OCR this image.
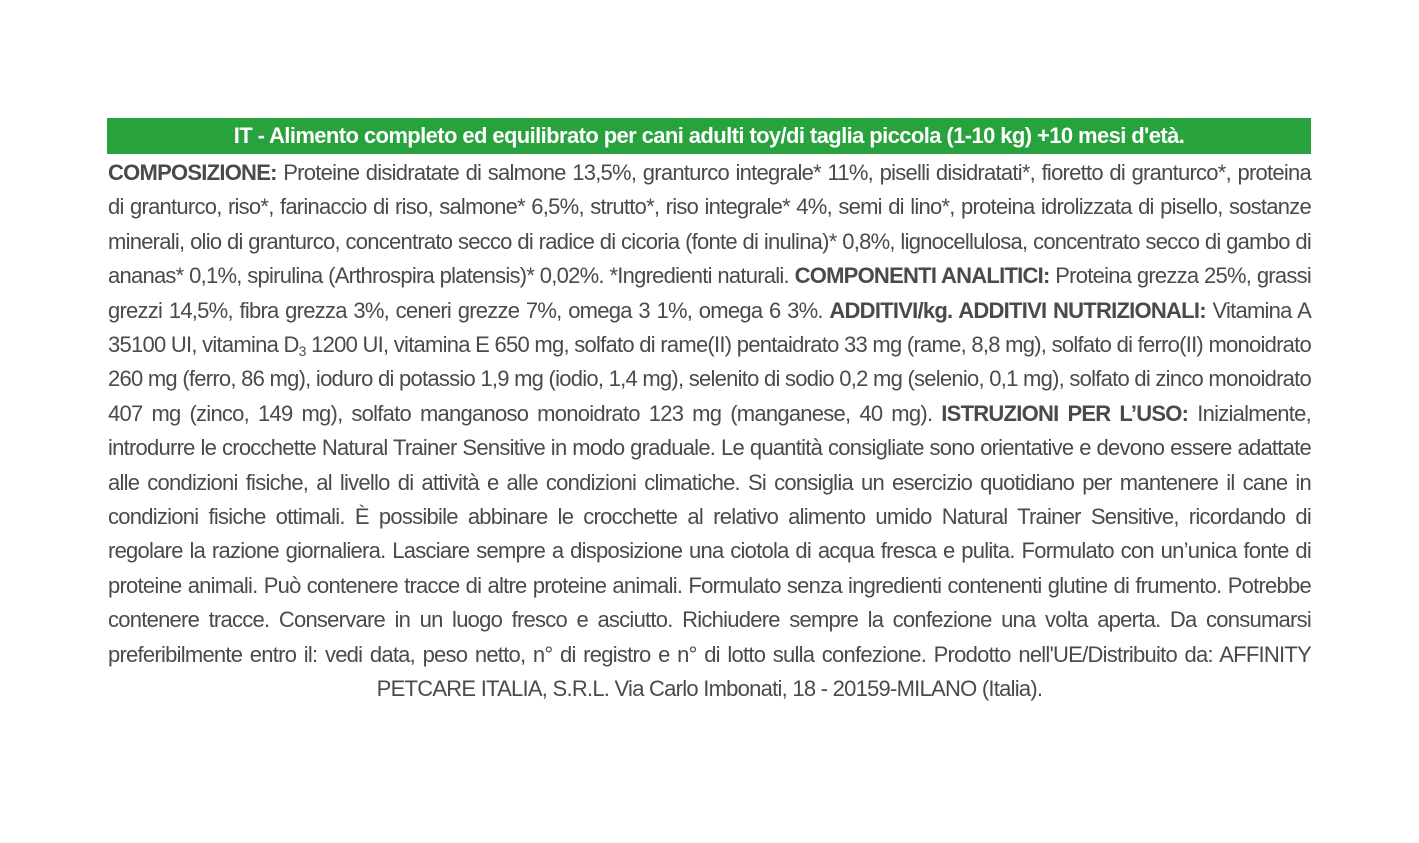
IT - Alimento completo ed equilibrato per cani adulti toy/di taglia piccola (1-10 kg) +10 mesi d'età.
COMPOSIZIONE: Proteine disidratate di salmone 13,5%, granturco integrale* 11%, piselli disidratati*, fioretto di granturco*, proteina di granturco, riso*, farinaccio di riso, salmone* 6,5%, strutto*, riso integrale* 4%, semi di lino*, proteina idrolizzata di pisello, sostanze minerali, olio di granturco, concentrato secco di radice di cicoria (fonte di inulina)* 0,8%, lignocellulosa, concentrato secco di gambo di ananas* 0,1%, spirulina (Arthrospira platensis)* 0,02%. *Ingredienti naturali. COMPONENTI ANALITICI: Proteina grezza 25%, grassi grezzi 14,5%, fibra grezza 3%, ceneri grezze 7%, omega 3 1%, omega 6 3%. ADDITIVI/kg. ADDITIVI NUTRIZIONALI: Vitamina A 35100 UI, vitamina $D_3$ 1200 UI, vitamina E 650 mg, solfato di rame(II) pentaidrato 33 mg (rame, 8,8 mg), solfato di ferro(II) monoidrato 260 mg (ferro, 86 mg), ioduro di potassio 1,9 mg (iodio, 1,4 mg), selenito di sodio 0,2 mg (selenio, 0,1 mg), solfato di zinco monoidrato 407 mg (zinco, 149 mg), solfato manganoso monoidrato 123 mg (manganese, 40 mg). ISTRUZIONI PER L’USO: Inizialmente, introdurre le crocchette Natural Trainer Sensitive in modo graduale. Le quantità consigliate sono orientative e devono essere adattate alle condizioni fisiche, al livello di attività e alle condizioni climatiche. Si consiglia un esercizio quotidiano per mantenere il cane in condizioni fisiche ottimali. È possibile abbinare le crocchette al relativo alimento umido Natural Trainer Sensitive, ricordando di regolare la razione giornaliera. Lasciare sempre a disposizione una ciotola di acqua fresca e pulita. Formulato con un’unica fonte di proteine animali. Può contenere tracce di altre proteine animali. Formulato senza ingredienti contenenti glutine di frumento. Potrebbe contenere tracce. Conservare in un luogo fresco e asciutto. Richiudere sempre la confezione una volta aperta. Da consumarsi preferibilmente entro il: vedi data, peso netto, n° di registro e n° di lotto sulla confezione. Prodotto nell'UE/Distribuito da: AFFINITY PETCARE ITALIA, S.R.L. Via Carlo Imbonati, 18 - 20159-MILANO (Italia).
